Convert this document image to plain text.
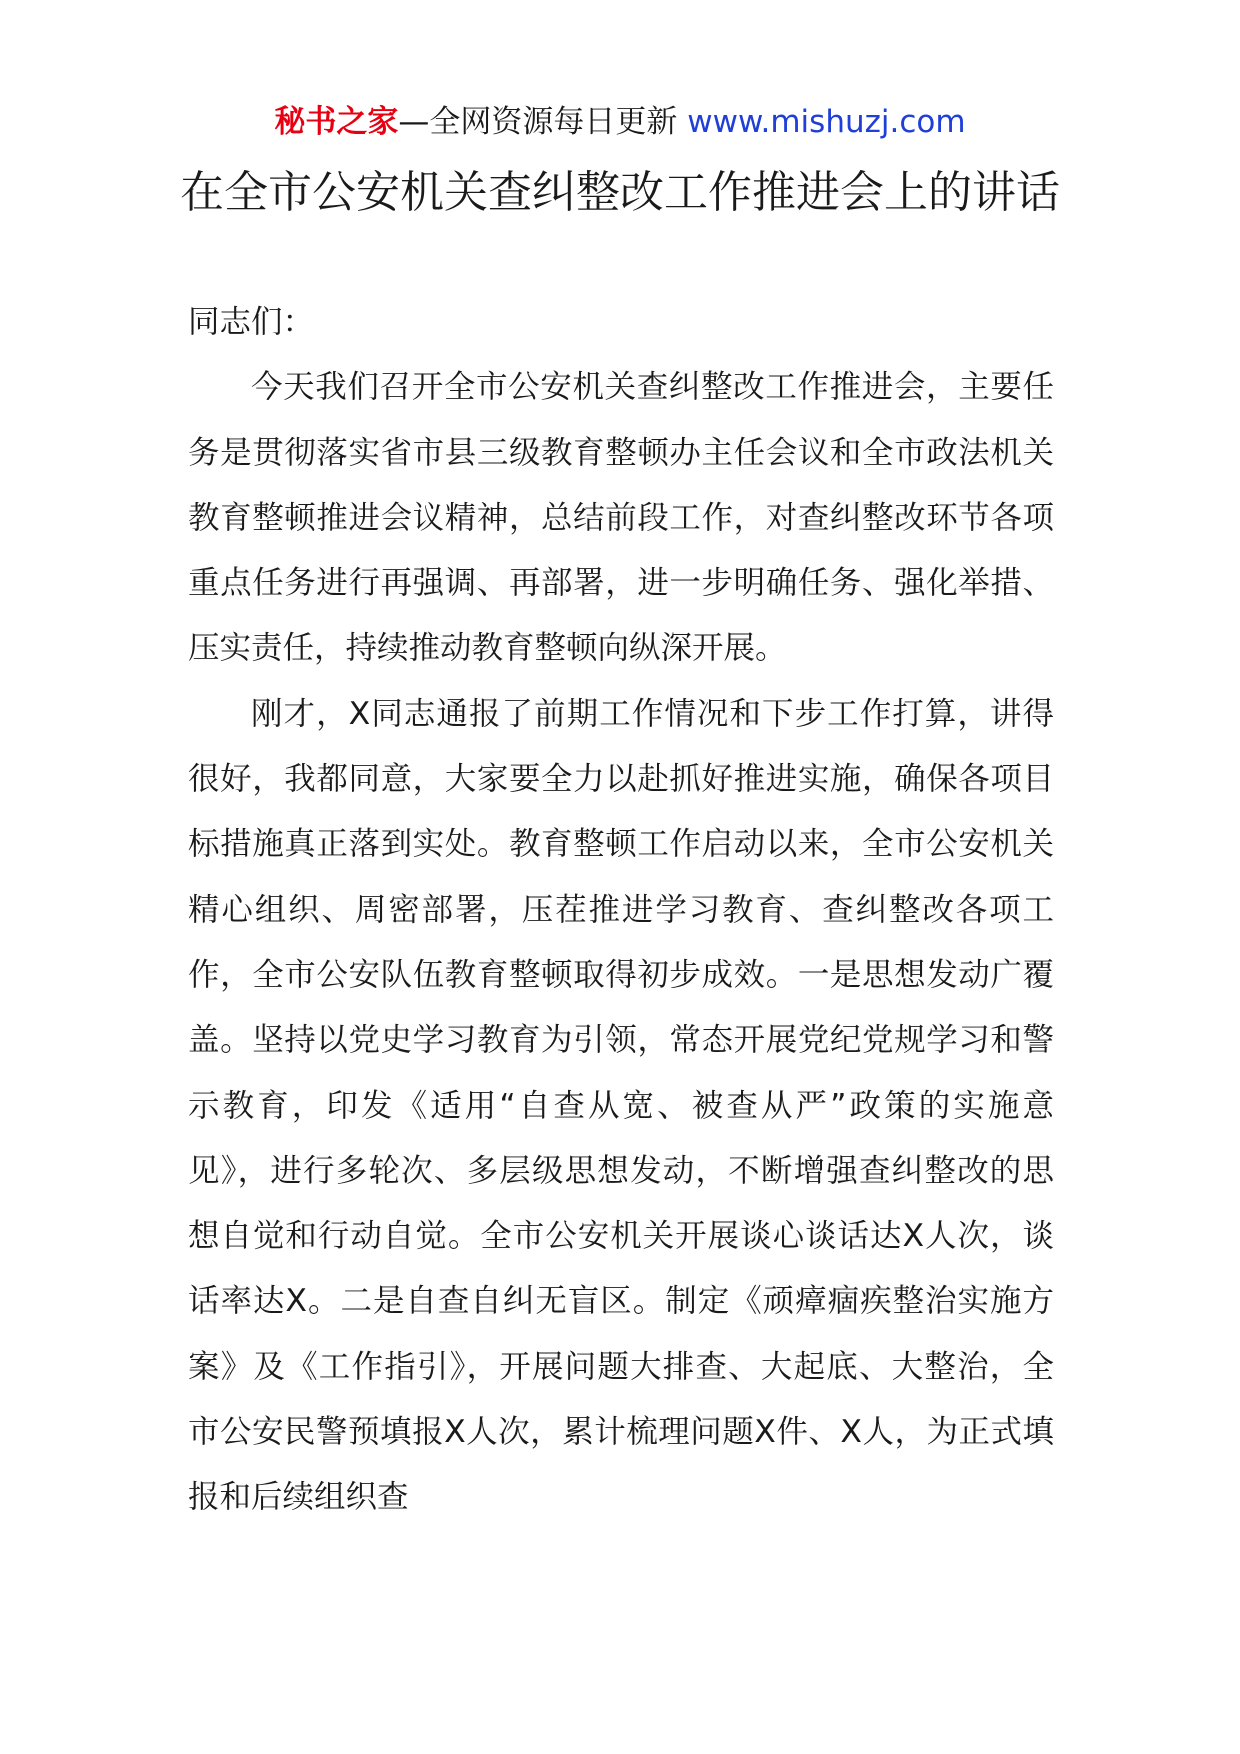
秘书之家—全网资源每日更新 www.mishuzj.com
在全市公安机关查纠整改工作推进会上的讲话

同志们：

今天我们召开全市公安机关查纠整改工作推进会，主要任务是贯彻落实省市县三级教育整顿办主任会议和全市政法机关教育整顿推进会议精神，总结前段工作，对查纠整改环节各项重点任务进行再强调、再部署，进一步明确任务、强化举措、压实责任，持续推动教育整顿向纵深开展。

刚才，X同志通报了前期工作情况和下步工作打算，讲得很好，我都同意，大家要全力以赴抓好推进实施，确保各项目标措施真正落到实处。教育整顿工作启动以来，全市公安机关精心组织、周密部署，压茬推进学习教育、查纠整改各项工作，全市公安队伍教育整顿取得初步成效。一是思想发动广覆盖。坚持以党史学习教育为引领，常态开展党纪党规学习和警示教育，印发《适用“自查从宽、被查从严”政策的实施意见》，进行多轮次、多层级思想发动，不断增强查纠整改的思想自觉和行动自觉。全市公安机关开展谈心谈话达X人次，谈话率达X。二是自查自纠无盲区。制定《顽瘴痼疾整治实施方案》及《工作指引》，开展问题大排查、大起底、大整治，全市公安民警预填报X人次，累计梳理问题X件、X人，为正式填报和后续组织查
